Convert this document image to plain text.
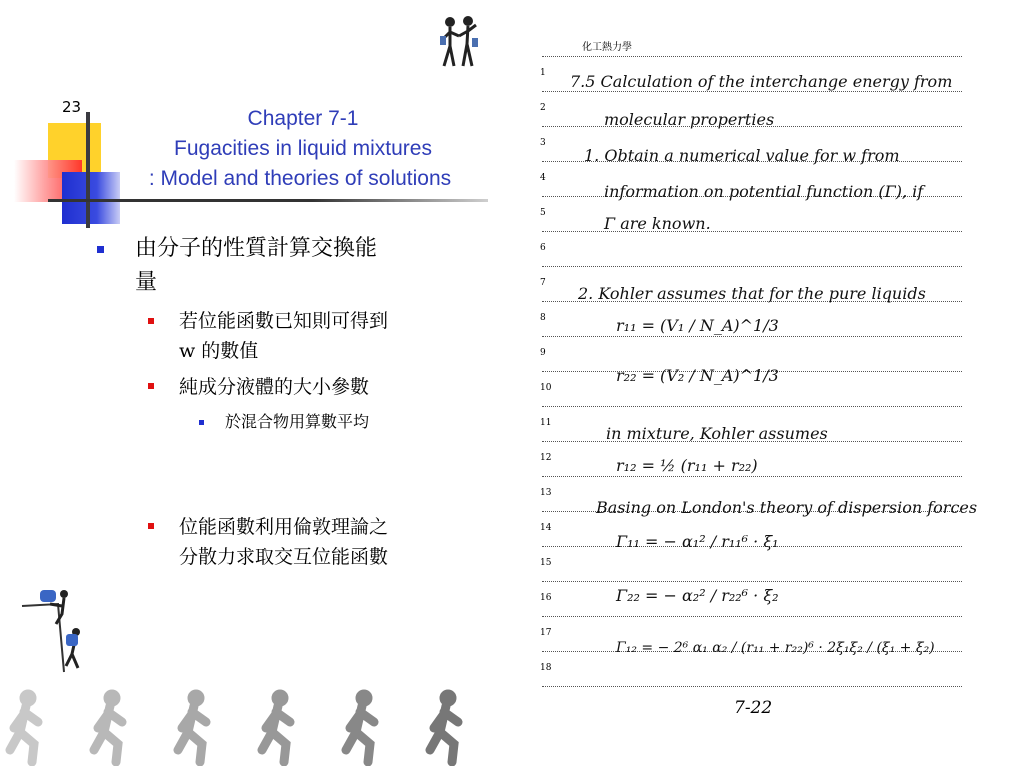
23	Chapter 7-1
Fugacities in liquid mixtures
: Model and theories of solutions
由分子的性質計算交換能
量
若位能函數已知則可得到
w 的數值
純成分液體的大小參數
於混合物用算數平均
位能函數利用倫敦理論之
分散力求取交互位能函數
化工熱力學
1
2
3
4
5
6
7
8
9
10
11
12
13
14
15
16
17
18
7.5 Calculation of the interchange energy from
molecular properties
1. Obtain a numerical value for w from
information on potential function (Γ), if
Γ are known.
2. Kohler assumes that for the pure liquids
r₁₁ = (V₁ / N_A)^1/3
r₂₂ = (V₂ / N_A)^1/3
in mixture, Kohler assumes
r₁₂ = ½ (r₁₁ + r₂₂)
Basing on London's theory of dispersion forces
Γ₁₁ = − α₁² / r₁₁⁶ · ξ₁
Γ₂₂ = − α₂² / r₂₂⁶ · ξ₂
Γ₁₂ = − 2⁶ α₁ α₂ / (r₁₁ + r₂₂)⁶ · 2ξ₁ξ₂ / (ξ₁ + ξ₂)
7-22
